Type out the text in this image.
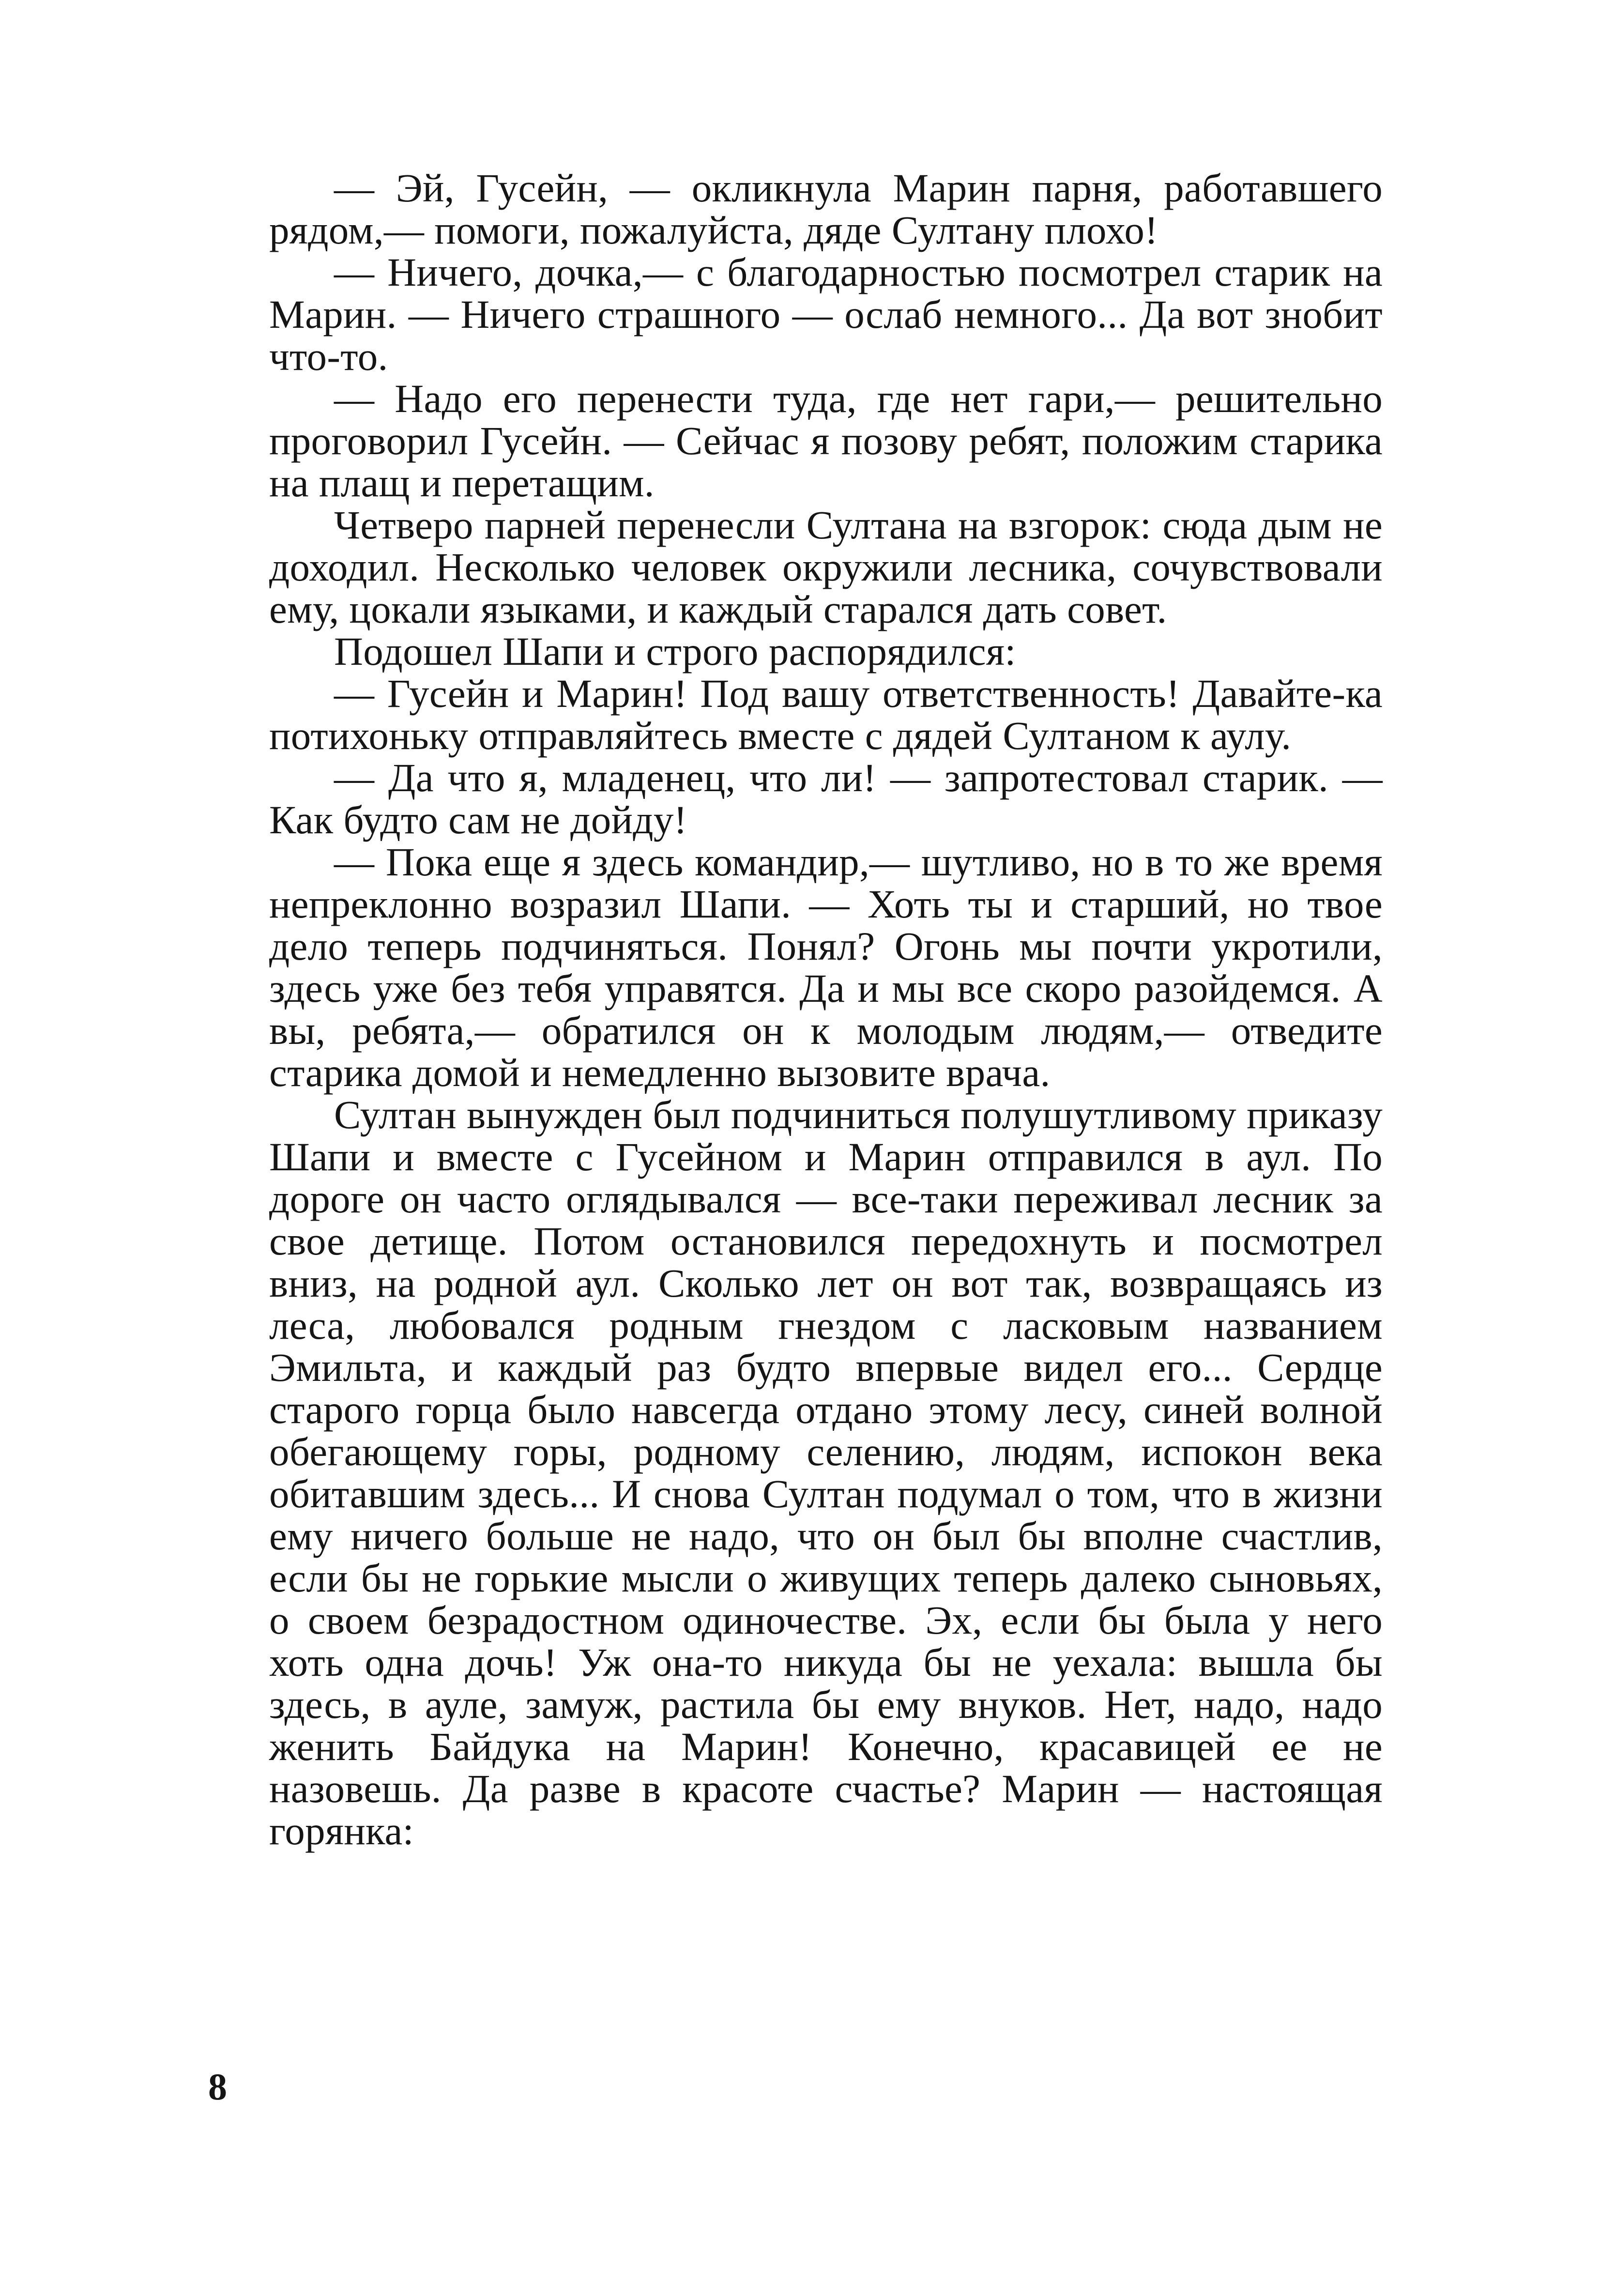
— Эй, Гусейн, — окликнула Марин парня, работавшего рядом,— помоги, пожалуйста, дяде Султану плохо!

— Ничего, дочка,— с благодарностью посмотрел старик на Марин. — Ничего страшного — ослаб немного... Да вот знобит что-то.

— Надо его перенести туда, где нет гари,— решительно проговорил Гусейн. — Сейчас я позову ребят, положим старика на плащ и перетащим.

Четверо парней перенесли Султана на взгорок: сюда дым не доходил. Несколько человек окружили лесника, сочувствовали ему, цокали языками, и каждый старался дать совет.

Подошел Шапи и строго распорядился:

— Гусейн и Марин! Под вашу ответственность! Давайте-ка потихоньку отправляйтесь вместе с дядей Султаном к аулу.

— Да что я, младенец, что ли! — запротестовал старик. — Как будто сам не дойду!

— Пока еще я здесь командир,— шутливо, но в то же время непреклонно возразил Шапи. — Хоть ты и старший, но твое дело теперь подчиняться. Понял? Огонь мы почти укротили, здесь уже без тебя управятся. Да и мы все скоро разойдемся. А вы, ребята,— обратился он к молодым людям,— отведите старика домой и немедленно вызовите врача.

Султан вынужден был подчиниться полушутливому приказу Шапи и вместе с Гусейном и Марин отправился в аул. По дороге он часто оглядывался — все-таки переживал лесник за свое детище. Потом остановился передохнуть и посмотрел вниз, на родной аул. Сколько лет он вот так, возвращаясь из леса, любовался родным гнездом с ласковым названием Эмильта, и каждый раз будто впервые видел его... Сердце старого горца было навсегда отдано этому лесу, синей волной обегающему горы, родному селению, людям, испокон века обитавшим здесь... И снова Султан подумал о том, что в жизни ему ничего больше не надо, что он был бы вполне счастлив, если бы не горькие мысли о живущих теперь далеко сыновьях, о своем безрадостном одиночестве. Эх, если бы была у него хоть одна дочь! Уж она-то никуда бы не уехала: вышла бы здесь, в ауле, замуж, растила бы ему внуков. Нет, надо, надо женить Байдука на Марин! Конечно, красавицей ее не назовешь. Да разве в красоте счастье? Марин — настоящая горянка:

8
